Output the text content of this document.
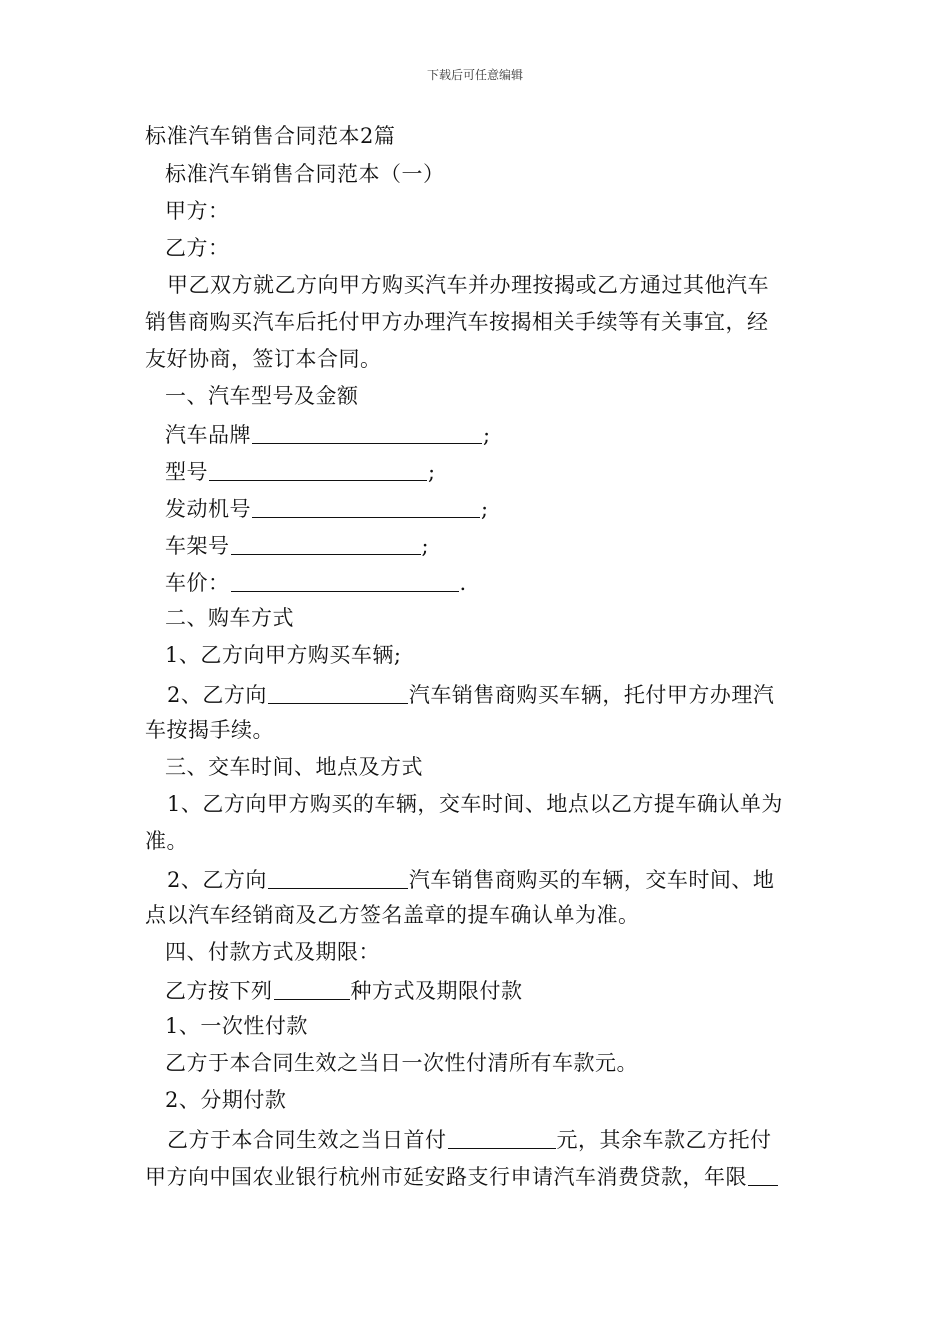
下载后可任意编辑
标准汽车销售合同范本2篇
标准汽车销售合同范本（一）
甲方：
乙方：
甲乙双方就乙方向甲方购买汽车并办理按揭或乙方通过其他汽车
销售商购买汽车后托付甲方办理汽车按揭相关手续等有关事宜，经
友好协商，签订本合同。
一、汽车型号及金额
汽车品牌	;
型号	;
发动机号	;
车架号	;
车价：	.
二、购车方式
1、乙方向甲方购买车辆;
2、乙方向	汽车销售商购买车辆，托付甲方办理汽
车按揭手续。
三、交车时间、地点及方式
1、乙方向甲方购买的车辆，交车时间、地点以乙方提车确认单为
准。
2、乙方向	汽车销售商购买的车辆，交车时间、地
点以汽车经销商及乙方签名盖章的提车确认单为准。
四、付款方式及期限：
乙方按下列	种方式及期限付款
1、一次性付款
乙方于本合同生效之当日一次性付清所有车款元。
2、分期付款
乙方于本合同生效之当日首付	元，其余车款乙方托付
甲方向中国农业银行杭州市延安路支行申请汽车消费贷款，年限
